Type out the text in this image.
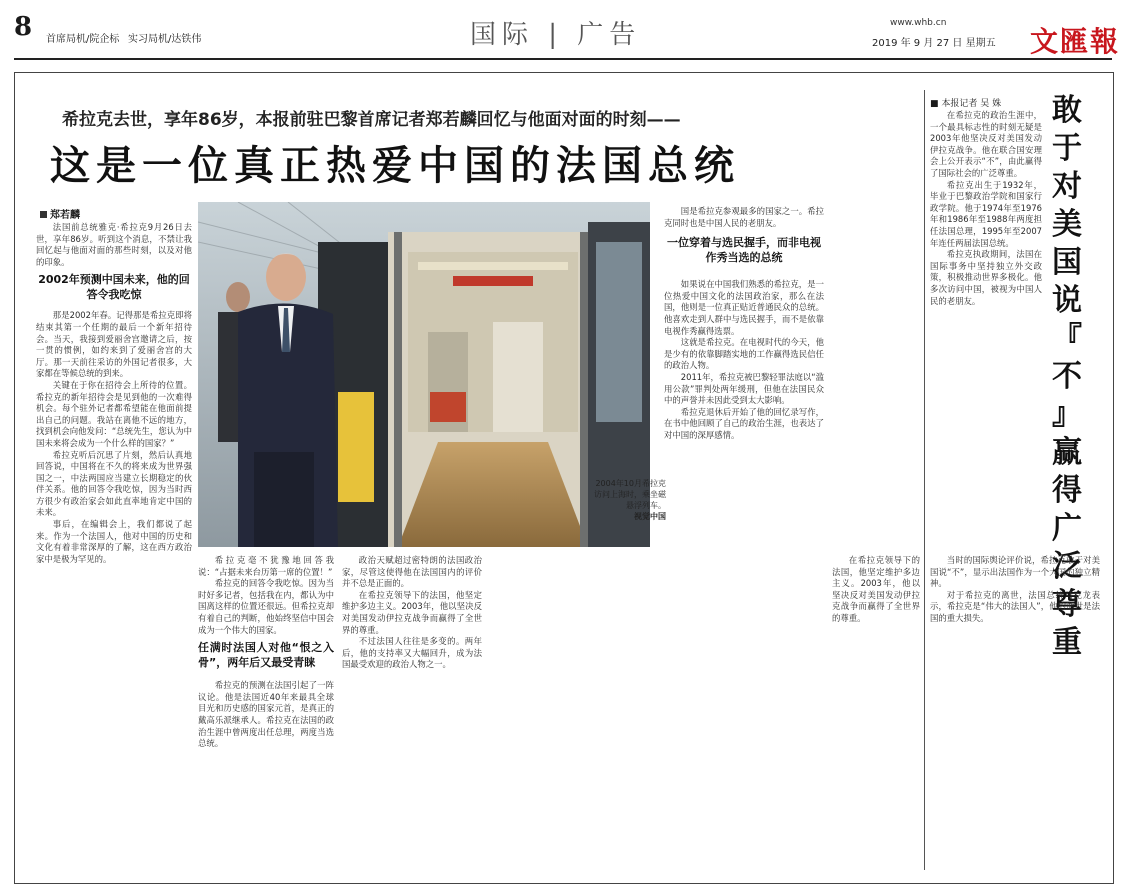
8 首席局机/院企标 实习局机/达铁伟	国际 | 广告	www.whb.cn
2019 年 9 月 27 日 星期五 文匯報
希拉克去世，享年86岁，本报前驻巴黎首席记者郑若麟回忆与他面对面的时刻——
这是一位真正热爱中国的法国总统
郑若麟

法国前总统雅克·希拉克9月26日去世，享年86岁。听到这个消息，不禁让我回忆起与他面对面的那些时刻，以及对他的印象。

2002年预测中国未来，他的回答令我吃惊

那是2002年春。记得那是希拉克即将结束其第一个任期的最后一个新年招待会。当天，我接到爱丽舍宫邀请之后，按一贯的惯例，如约来到了爱丽舍宫的大厅。那一天前往采访的外国记者很多，大家都在等候总统的到来。

关键在于你在招待会上所待的位置。希拉克的新年招待会是见到他的一次难得机会。每个驻外记者都希望能在他面前提出自己的问题。我站在离他不远的地方，找到机会向他发问：“总统先生，您认为中国未来将会成为一个什么样的国家？”

希拉克听后沉思了片刻，然后认真地回答说，中国将在不久的将来成为世界强国之一，中法两国应当建立长期稳定的伙伴关系。他的回答令我吃惊，因为当时西方很少有政治家会如此直率地肯定中国的未来。

事后，在编辑会上，我们都说了起来。作为一个法国人，他对中国的历史和文化有着非常深厚的了解，这在西方政治家中是极为罕见的。

2004年10月希拉克访问上海时，乘坐磁悬浮列车。
视觉中国

希拉克毫不犹豫地回答我说：“占据未来台历第一席的位置！”

希拉克的回答令我吃惊。因为当时好多记者，包括我在内，都认为中国离这样的位置还很远。但希拉克却有着自己的判断，他始终坚信中国会成为一个伟大的国家。

任满时法国人对他“恨之入骨”，两年后又最受青睐

希拉克的预测在法国引起了一阵议论。他是法国近40年来最具全球目光和历史感的国家元首，是真正的戴高乐派继承人。希拉克在法国的政治生涯中曾两度出任总理，两度当选总统。

政治天赋超过密特朗的法国政治家，尽管这使得他在法国国内的评价并不总是正面的。

在希拉克领导下的法国，他坚定维护多边主义。2003年，他以坚决反对美国发动伊拉克战争而赢得了全世界的尊重。

不过法国人往往是多变的。两年后，他的支持率又大幅回升，成为法国最受欢迎的政治人物之一。

国是希拉克参观最多的国家之一。希拉克同时也是中国人民的老朋友。

一位穿着与选民握手，而非电视作秀当选的总统

如果说在中国我们熟悉的希拉克，是一位热爱中国文化的法国政治家，那么在法国，他则是一位真正贴近普通民众的总统。他喜欢走到人群中与选民握手，而不是依靠电视作秀赢得选票。

这就是希拉克。在电视时代的今天，他是少有的依靠脚踏实地的工作赢得选民信任的政治人物。

2011年，希拉克被巴黎轻罪法庭以“滥用公款”罪判处两年缓刑，但他在法国民众中的声誉并未因此受到太大影响。

希拉克退休后开始了他的回忆录写作，在书中他回顾了自己的政治生涯，也表达了对中国的深厚感情。

在希拉克领导下的法国，他坚定维护多边主义。2003年，他以坚决反对美国发动伊拉克战争而赢得了全世界的尊重。

■ 本报记者 吴 姝 敢
于
对
美
国
说
『
不
』
赢
得
广
泛
尊
重

在希拉克的政治生涯中，一个最具标志性的时刻无疑是2003年他坚决反对美国发动伊拉克战争。他在联合国安理会上公开表示“不”，由此赢得了国际社会的广泛尊重。

希拉克出生于1932年，毕业于巴黎政治学院和国家行政学院。他于1974年至1976年和1986年至1988年两度担任法国总理，1995年至2007年连任两届法国总统。

希拉克执政期间，法国在国际事务中坚持独立外交政策，积极推动世界多极化。他多次访问中国，被视为中国人民的老朋友。

当时的国际舆论评价说，希拉克敢于对美国说“不”，显示出法国作为一个大国的独立精神。

对于希拉克的离世，法国总统马克龙表示，希拉克是“伟大的法国人”，他的逝世是法国的重大损失。
